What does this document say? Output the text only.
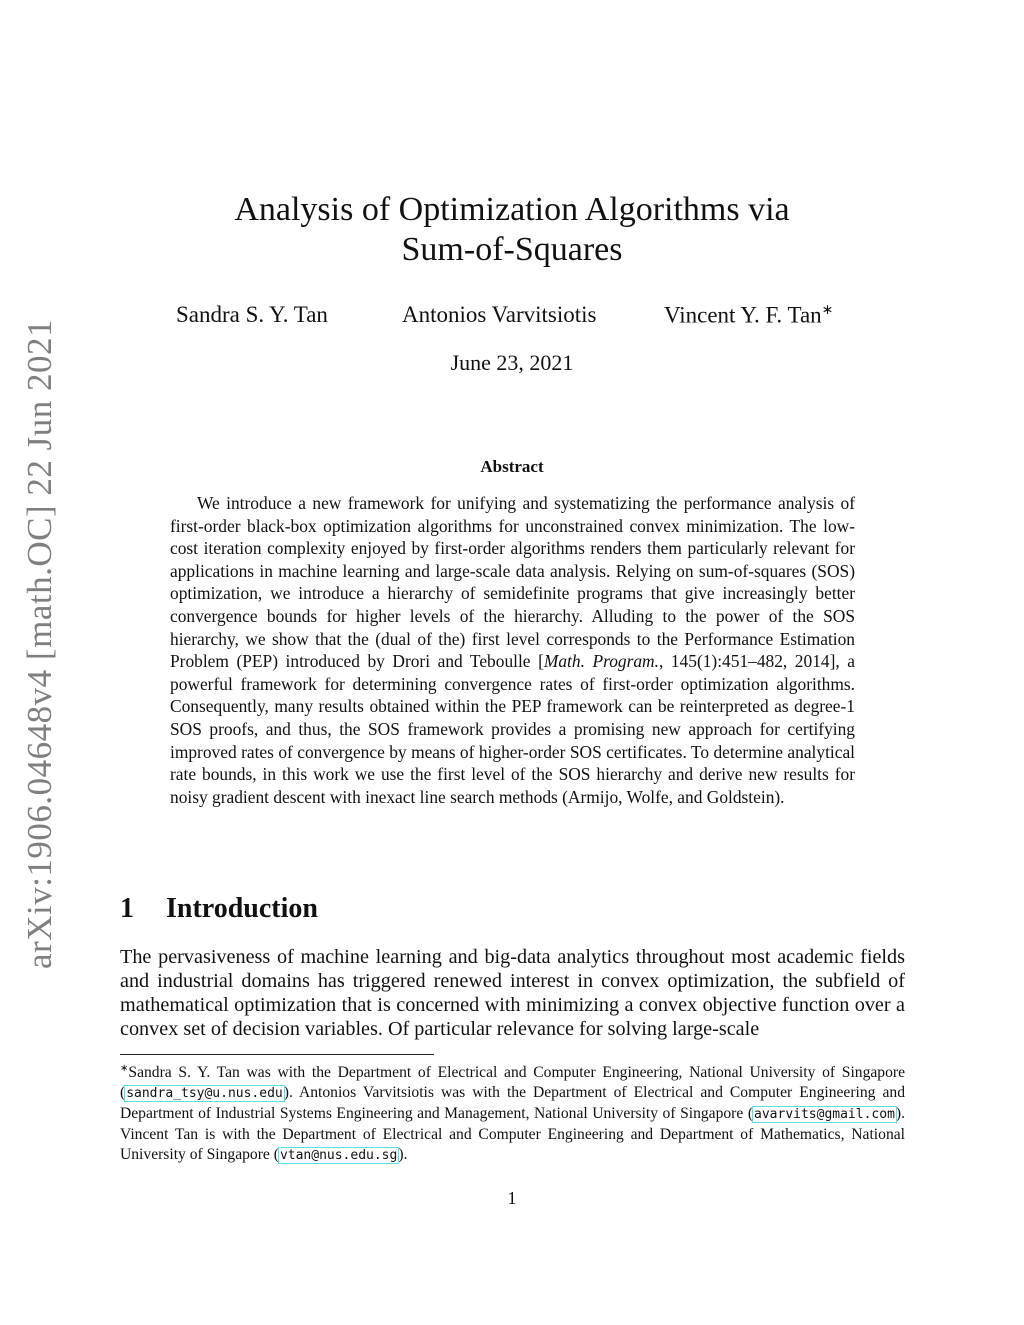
arXiv:1906.04648v4 [math.OC] 22 Jun 2021
Analysis of Optimization Algorithms via
Sum-of-Squares
Sandra S. Y. Tan	Antonios Varvitsiotis	Vincent Y. F. Tan∗
June 23, 2021
Abstract

We introduce a new framework for unifying and systematizing the performance analysis of first-order black-box optimization algorithms for unconstrained convex minimization. The low-cost iteration complexity enjoyed by first-order algorithms renders them particularly relevant for applications in machine learning and large-scale data analysis. Relying on sum-of-squares (SOS) optimization, we introduce a hierarchy of semidefinite programs that give increasingly better convergence bounds for higher levels of the hierarchy. Alluding to the power of the SOS hierarchy, we show that the (dual of the) first level corresponds to the Performance Estimation Problem (PEP) introduced by Drori and Teboulle [Math. Program., 145(1):451–482, 2014], a powerful framework for determining convergence rates of first-order optimization algorithms. Consequently, many results obtained within the PEP framework can be reinterpreted as degree-1 SOS proofs, and thus, the SOS framework provides a promising new approach for certifying improved rates of convergence by means of higher-order SOS certificates. To determine analytical rate bounds, in this work we use the first level of the SOS hierarchy and derive new results for noisy gradient descent with inexact line search methods (Armijo, Wolfe, and Goldstein).

1 Introduction

The pervasiveness of machine learning and big-data analytics throughout most academic fields and industrial domains has triggered renewed interest in convex optimization, the subfield of mathematical optimization that is concerned with minimizing a convex objective function over a convex set of decision variables. Of particular relevance for solving large-scale

∗Sandra S. Y. Tan was with the Department of Electrical and Computer Engineering, National University of Singapore (sandra_tsy@u.nus.edu). Antonios Varvitsiotis was with the Department of Electrical and Computer Engineering and Department of Industrial Systems Engineering and Management, National University of Singapore (avarvits@gmail.com). Vincent Tan is with the Department of Electrical and Computer Engineering and Department of Mathematics, National University of Singapore (vtan@nus.edu.sg).

1
